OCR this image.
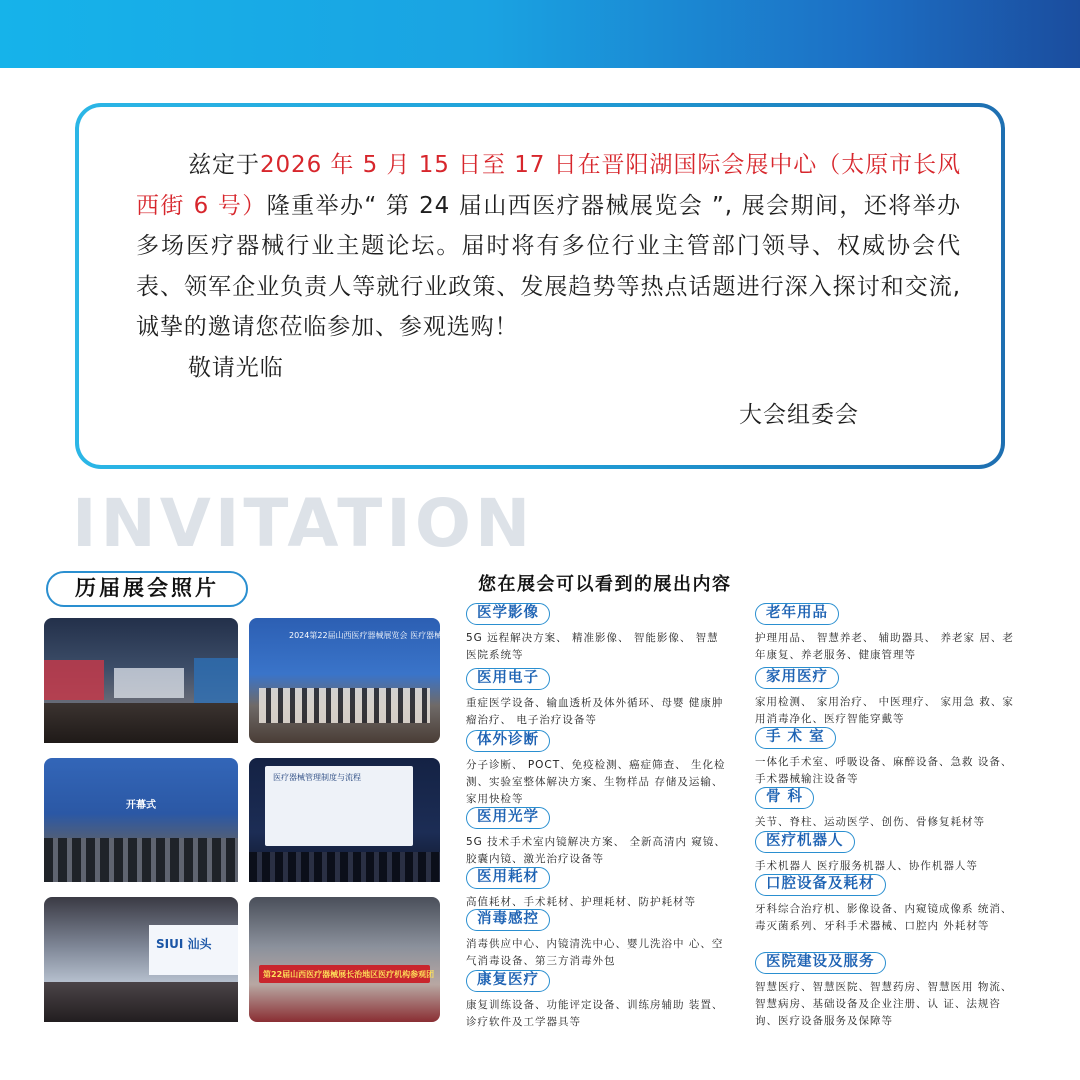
兹定于2026 年 5 月 15 日至 17 日在晋阳湖国际会展中心（太原市长风西街 6 号）隆重举办“ 第 24 届山西医疗器械展览会 ”, 展会期间，还将举办多场医疗器械行业主题论坛。届时将有多位行业主管部门领导、权威协会代表、领军企业负责人等就行业政策、发展趋势等热点话题进行深入探讨和交流, 诚挚的邀请您莅临参加、参观选购！
敬请光临
大会组委会
INVITATION
历届展会照片
2024第22届山西医疗器械展览会 医疗器械临床使用与评价专委会
开幕式
医疗器械管理制度与流程
SIUI 汕头
第22届山西医疗器械展长治地区医疗机构参观团
您在展会可以看到的展出内容
医学影像
5G 远程解决方案、 精准影像、 智能影像、 智慧医院系统等
医用电子
重症医学设备、输血透析及体外循环、母婴 健康肿瘤治疗、 电子治疗设备等
体外诊断
分子诊断、 POCT、免疫检测、癌症筛查、 生化检测、实验室整体解决方案、生物样品 存储及运输、家用快检等
医用光学
5G 技术手术室内镜解决方案、 全新高清内 窥镜、胶囊内镜、激光治疗设备等
医用耗材
高值耗材、手术耗材、护理耗材、防护耗材等
消毒感控
消毒供应中心、内镜清洗中心、婴儿洗浴中 心、空气消毒设备、第三方消毒外包
康复医疗
康复训练设备、功能评定设备、训练房辅助 装置、诊疗软件及工学器具等
老年用品
护理用品、 智慧养老、 辅助器具、 养老家 居、老年康复、养老服务、健康管理等
家用医疗
家用检测、 家用治疗、 中医理疗、 家用急 救、家用消毒净化、医疗智能穿戴等
手 术 室
一体化手术室、呼吸设备、麻醉设备、急救 设备、手术器械输注设备等
骨 科
关节、脊柱、运动医学、创伤、骨修复耗材等
医疗机器人
手术机器人 医疗服务机器人、协作机器人等
口腔设备及耗材
牙科综合治疗机、影像设备、内窥镜成像系 统消、毒灭菌系列、牙科手术器械、口腔内 外耗材等
医院建设及服务
智慧医疗、智慧医院、智慧药房、智慧医用 物流、智慧病房、基础设备及企业注册、认 证、法规咨询、医疗设备服务及保障等
